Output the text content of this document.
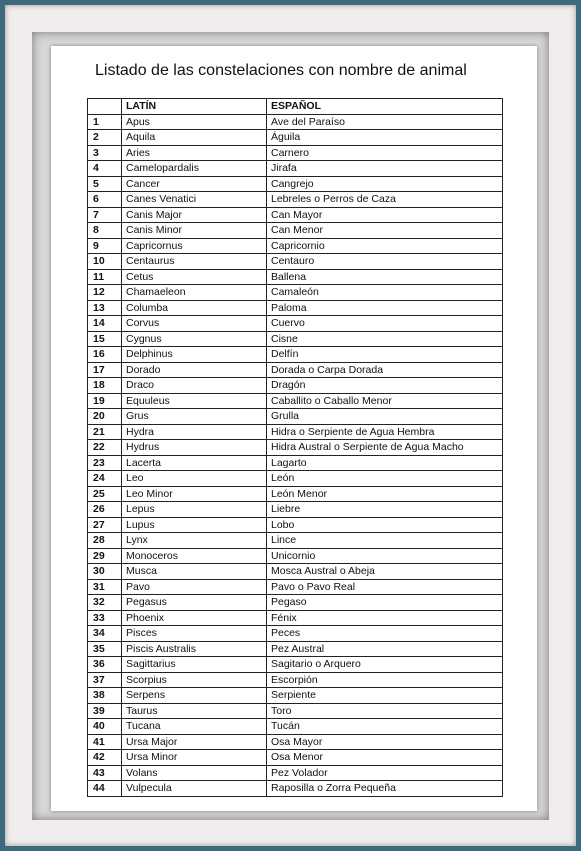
Listado de las constelaciones con nombre de animal
	LATÍN	ESPAÑOL
1	Apus	Ave del Paraíso
2	Aquila	Águila
3	Aries	Carnero
4	Camelopardalis	Jirafa
5	Cancer	Cangrejo
6	Canes Venatici	Lebreles o Perros de Caza
7	Canis Major	Can Mayor
8	Canis Minor	Can Menor
9	Capricornus	Capricornio
10	Centaurus	Centauro
11	Cetus	Ballena
12	Chamaeleon	Camaleón
13	Columba	Paloma
14	Corvus	Cuervo
15	Cygnus	Cisne
16	Delphinus	Delfín
17	Dorado	Dorada o Carpa Dorada
18	Draco	Dragón
19	Equuleus	Caballito o Caballo Menor
20	Grus	Grulla
21	Hydra	Hidra o Serpiente de Agua Hembra
22	Hydrus	Hidra Austral o Serpiente de Agua Macho
23	Lacerta	Lagarto
24	Leo	León
25	Leo Minor	León Menor
26	Lepus	Liebre
27	Lupus	Lobo
28	Lynx	Lince
29	Monoceros	Unicornio
30	Musca	Mosca Austral o Abeja
31	Pavo	Pavo o Pavo Real
32	Pegasus	Pegaso
33	Phoenix	Fénix
34	Pisces	Peces
35	Piscis Australis	Pez Austral
36	Sagittarius	Sagitario o Arquero
37	Scorpius	Escorpión
38	Serpens	Serpiente
39	Taurus	Toro
40	Tucana	Tucán
41	Ursa Major	Osa Mayor
42	Ursa Minor	Osa Menor
43	Volans	Pez Volador
44	Vulpecula	Raposilla o Zorra Pequeña
